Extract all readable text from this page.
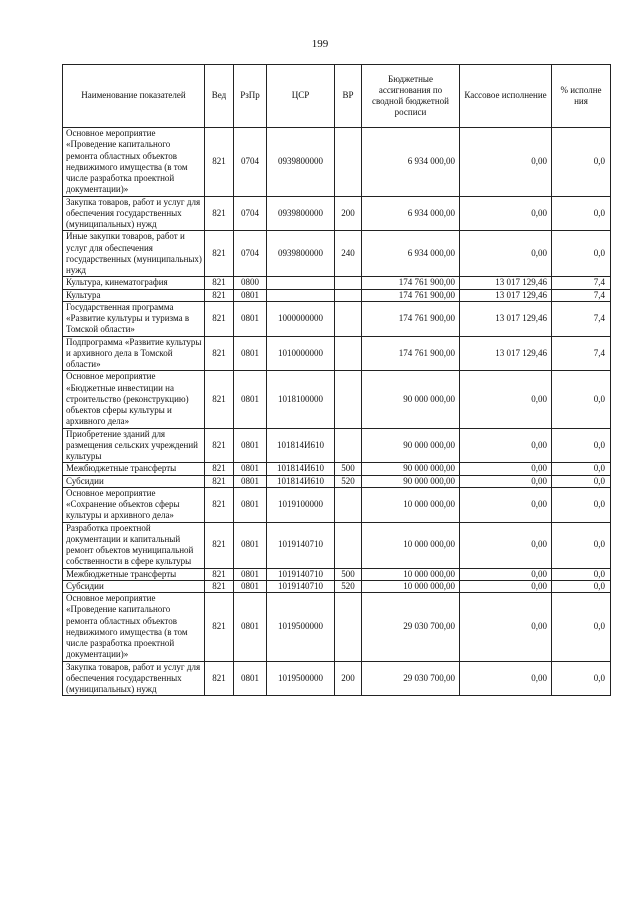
199
Наименование показателей	Вед	РзПр	ЦСР	ВР	Бюджетные ассигнования по сводной бюджетной росписи	Кассовое исполнение	% исполне ния
Основное мероприятие «Проведение капитального ремонта областных объектов недвижимого имущества (в том числе разработка проектной документации)»	821	0704	0939800000		6 934 000,00	0,00	0,0
Закупка товаров, работ и услуг для обеспечения государственных (муниципальных) нужд	821	0704	0939800000	200	6 934 000,00	0,00	0,0
Иные закупки товаров, работ и услуг для обеспечения государственных (муниципальных) нужд	821	0704	0939800000	240	6 934 000,00	0,00	0,0
Культура, кинематография	821	0800			174 761 900,00	13 017 129,46	7,4
Культура	821	0801			174 761 900,00	13 017 129,46	7,4
Государственная программа «Развитие культуры и туризма в Томской области»	821	0801	1000000000		174 761 900,00	13 017 129,46	7,4
Подпрограмма «Развитие культуры и архивного дела в Томской области»	821	0801	1010000000		174 761 900,00	13 017 129,46	7,4
Основное мероприятие «Бюджетные инвестиции на строительство (реконструкцию) объектов сферы культуры и архивного дела»	821	0801	1018100000		90 000 000,00	0,00	0,0
Приобретение зданий для размещения сельских учреждений культуры	821	0801	101814И610		90 000 000,00	0,00	0,0
Межбюджетные трансферты	821	0801	101814И610	500	90 000 000,00	0,00	0,0
Субсидии	821	0801	101814И610	520	90 000 000,00	0,00	0,0
Основное мероприятие «Сохранение объектов сферы культуры и архивного дела»	821	0801	1019100000		10 000 000,00	0,00	0,0
Разработка проектной документации и капитальный ремонт объектов муниципальной собственности в сфере культуры	821	0801	1019140710		10 000 000,00	0,00	0,0
Межбюджетные трансферты	821	0801	1019140710	500	10 000 000,00	0,00	0,0
Субсидии	821	0801	1019140710	520	10 000 000,00	0,00	0,0
Основное мероприятие «Проведение капитального ремонта областных объектов недвижимого имущества (в том числе разработка проектной документации)»	821	0801	1019500000		29 030 700,00	0,00	0,0
Закупка товаров, работ и услуг для обеспечения государственных (муниципальных) нужд	821	0801	1019500000	200	29 030 700,00	0,00	0,0
